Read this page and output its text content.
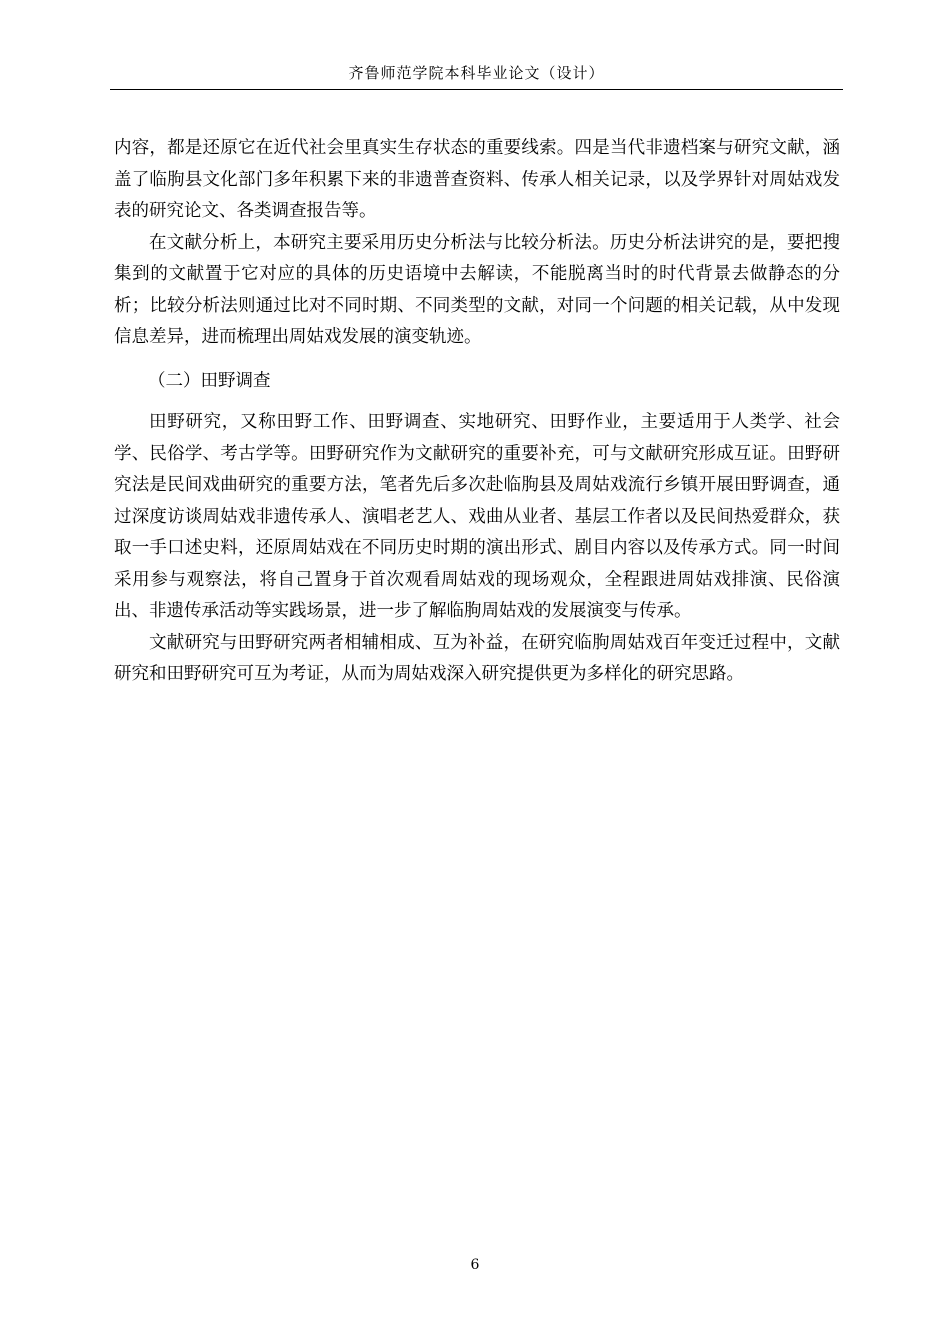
齐鲁师范学院本科毕业论文（设计）

内容，都是还原它在近代社会里真实生存状态的重要线索。四是当代非遗档案与研究文献，涵盖了临朐县文化部门多年积累下来的非遗普查资料、传承人相关记录，以及学界针对周姑戏发表的研究论文、各类调查报告等。

在文献分析上，本研究主要采用历史分析法与比较分析法。历史分析法讲究的是，要把搜集到的文献置于它对应的具体的历史语境中去解读，不能脱离当时的时代背景去做静态的分析；比较分析法则通过比对不同时期、不同类型的文献，对同一个问题的相关记载，从中发现信息差异，进而梳理出周姑戏发展的演变轨迹。

（二）田野调查

田野研究，又称田野工作、田野调查、实地研究、田野作业，主要适用于人类学、社会学、民俗学、考古学等。田野研究作为文献研究的重要补充，可与文献研究形成互证。田野研究法是民间戏曲研究的重要方法，笔者先后多次赴临朐县及周姑戏流行乡镇开展田野调查，通过深度访谈周姑戏非遗传承人、演唱老艺人、戏曲从业者、基层工作者以及民间热爱群众，获取一手口述史料，还原周姑戏在不同历史时期的演出形式、剧目内容以及传承方式。同一时间采用参与观察法，将自己置身于首次观看周姑戏的现场观众，全程跟进周姑戏排演、民俗演出、非遗传承活动等实践场景，进一步了解临朐周姑戏的发展演变与传承。

文献研究与田野研究两者相辅相成、互为补益，在研究临朐周姑戏百年变迁过程中，文献研究和田野研究可互为考证，从而为周姑戏深入研究提供更为多样化的研究思路。

6
